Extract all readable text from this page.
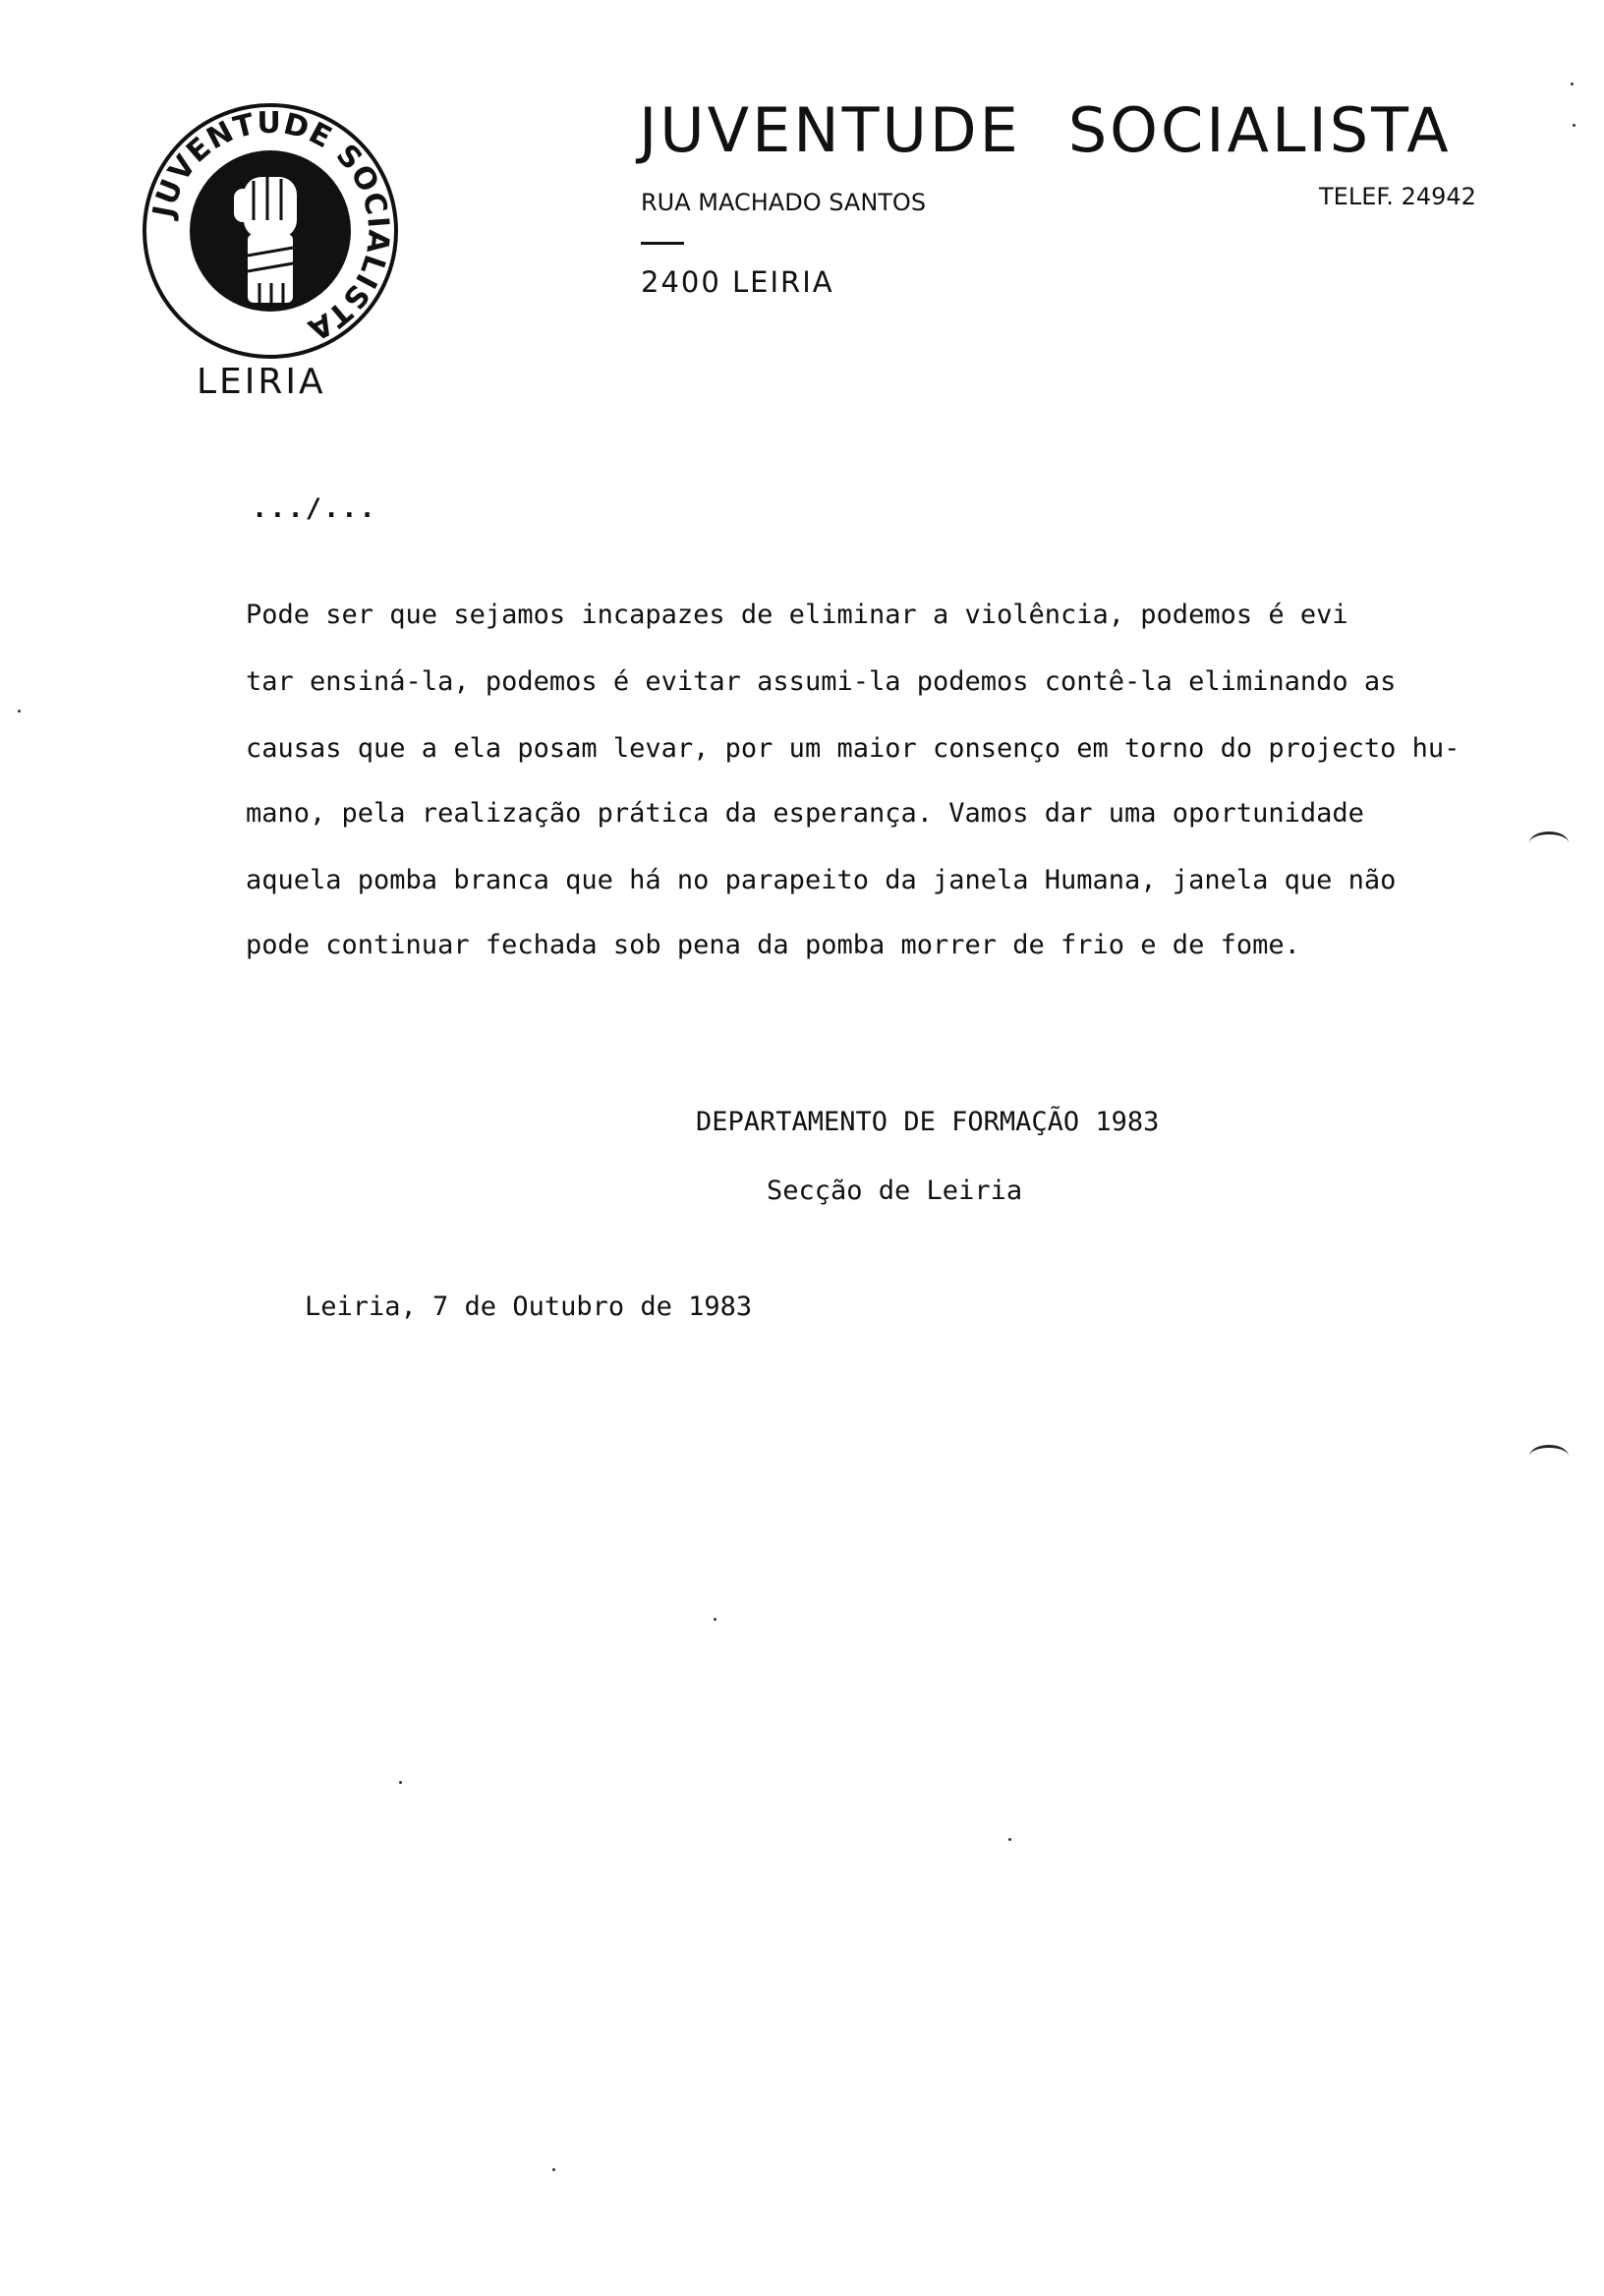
JUVENTUDE SOCIALISTA
LEIRIA
JUVENTUDE SOCIALISTA
RUA MACHADO SANTOS	TELEF. 24942
2400 LEIRIA
.../...
Pode ser que sejamos incapazes de eliminar a violência, podemos é evi
tar ensiná-la, podemos é evitar assumi-la podemos contê-la eliminando as
causas que a ela posam levar, por um maior consenço em torno do projecto hu-
mano, pela realização prática da esperança. Vamos dar uma oportunidade
aquela pomba branca que há no parapeito da janela Humana, janela que não
pode continuar fechada sob pena da pomba morrer de frio e de fome.
DEPARTAMENTO DE FORMAÇÃO 1983
Secção de Leiria
Leiria, 7 de Outubro de 1983
